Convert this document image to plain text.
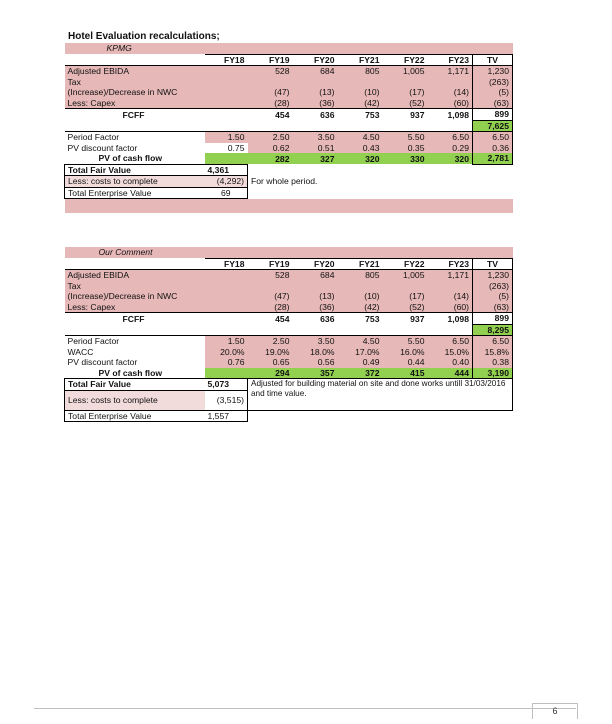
Hotel Evaluation recalculations;
KPMG							
	FY18	FY19	FY20	FY21	FY22	FY23	TV
Adjusted EBIDA		528	684	805	1,005	1,171	1,230
Tax							(263)
(Increase)/Decrease in NWC		(47)	(13)	(10)	(17)	(14)	(5)
Less: Capex		(28)	(36)	(42)	(52)	(60)	(63)
FCFF		454	636	753	937	1,098	899
							7,625
Period Factor	1.50	2.50	3.50	4.50	5.50	6.50	6.50
PV discount factor	0.75	0.62	0.51	0.43	0.35	0.29	0.36
PV of cash flow		282	327	320	330	320	2,781
Total Fair Value	4,361						
Less: costs to complete	(4,292)	For whole period.					
Total Enterprise Value	69						

Our Comment							
	FY18	FY19	FY20	FY21	FY22	FY23	TV
Adjusted EBIDA		528	684	805	1,005	1,171	1,230
Tax							(263)
(Increase)/Decrease in NWC		(47)	(13)	(10)	(17)	(14)	(5)
Less: Capex		(28)	(36)	(42)	(52)	(60)	(63)
FCFF		454	636	753	937	1,098	899
							8,295
Period Factor	1.50	2.50	3.50	4.50	5.50	6.50	6.50
WACC	20.0%	19.0%	18.0%	17.0%	16.0%	15.0%	15.8%
PV discount factor	0.76	0.65	0.56	0.49	0.44	0.40	0.38
PV of cash flow		294	357	372	415	444	3,190
Total Fair Value	5,073	Adjusted for building material on site and done works untill 31/03/2016 and time value.					
Less: costs to complete	(3,515)						
Total Enterprise Value	1,557						
6
